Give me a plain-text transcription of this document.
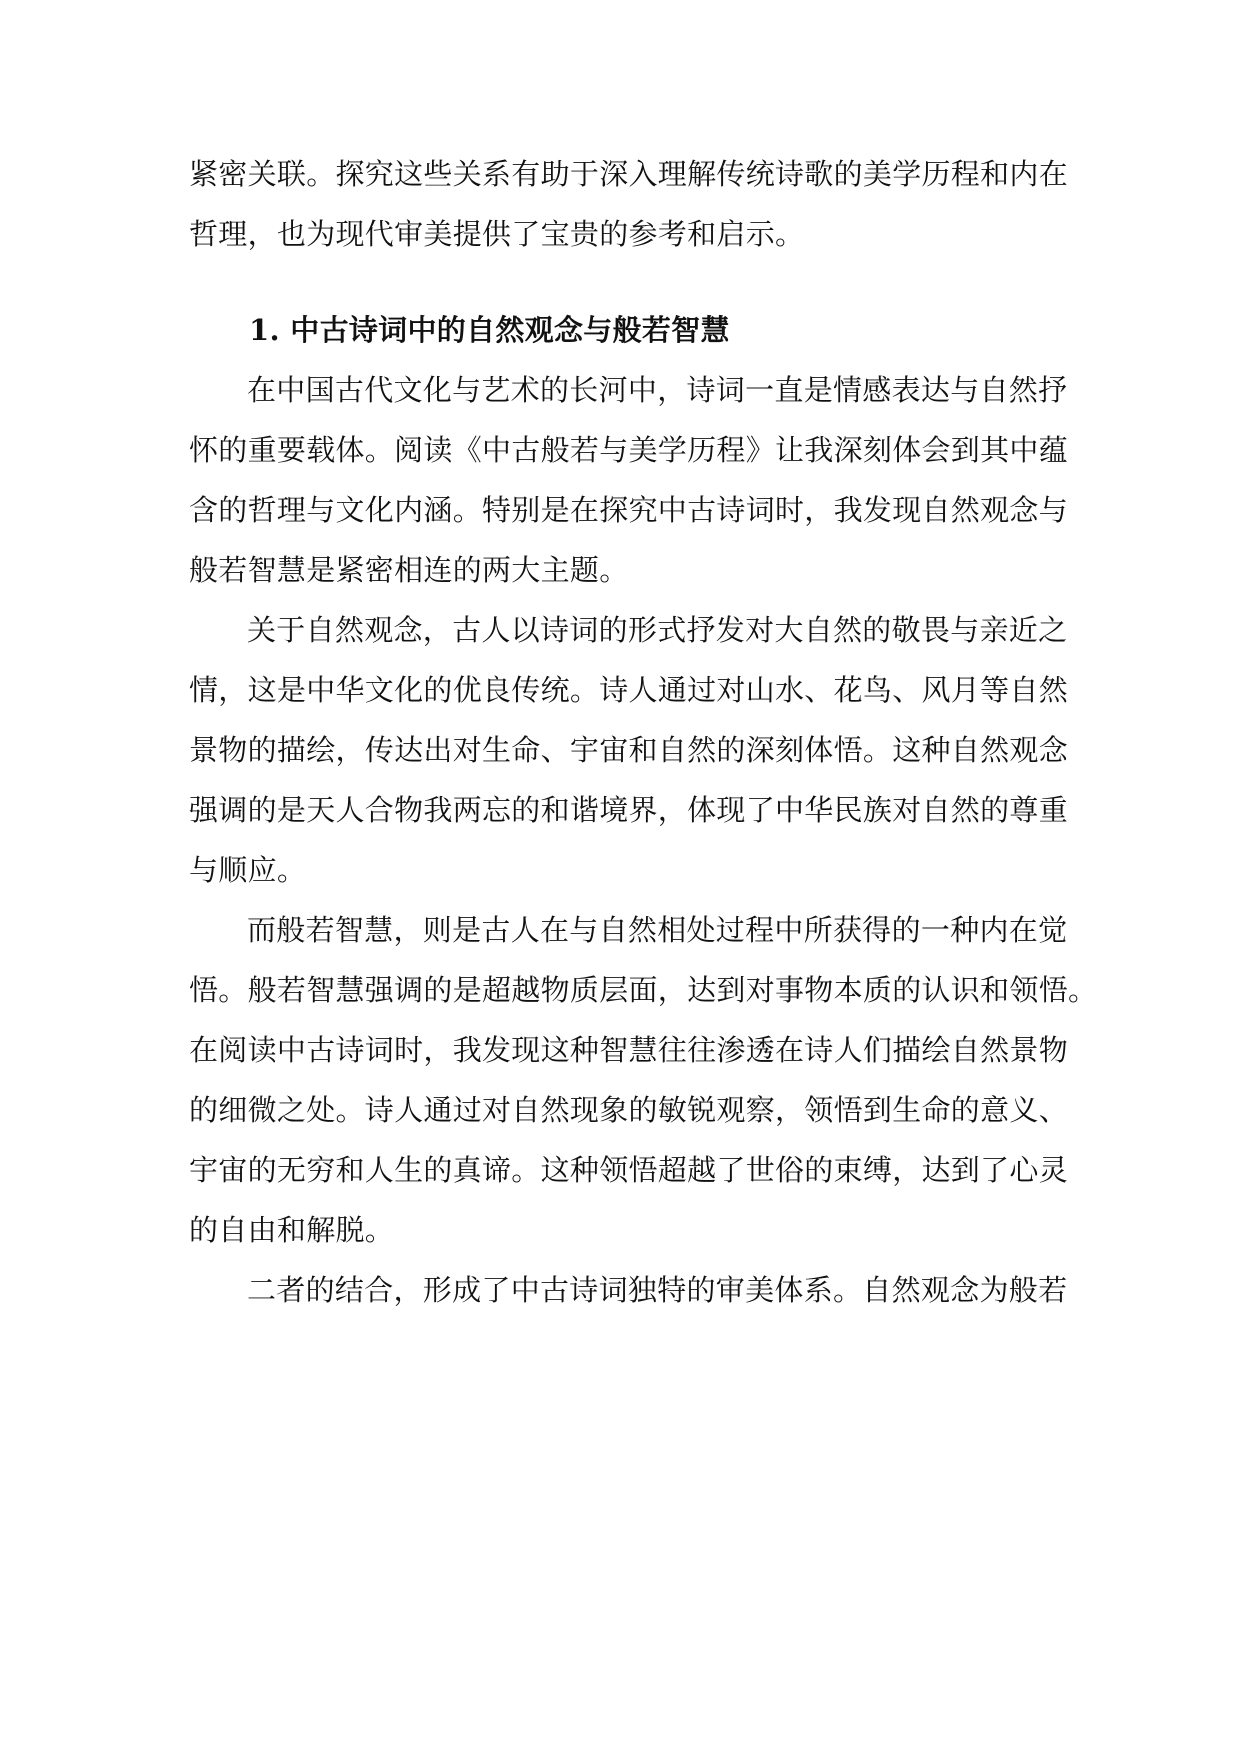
紧密关联。探究这些关系有助于深入理解传统诗歌的美学历程和内在
哲理，也为现代审美提供了宝贵的参考和启示。
1. 中古诗词中的自然观念与般若智慧
在中国古代文化与艺术的长河中，诗词一直是情感表达与自然抒
怀的重要载体。阅读《中古般若与美学历程》让我深刻体会到其中蕴
含的哲理与文化内涵。特别是在探究中古诗词时，我发现自然观念与
般若智慧是紧密相连的两大主题。
关于自然观念，古人以诗词的形式抒发对大自然的敬畏与亲近之
情，这是中华文化的优良传统。诗人通过对山水、花鸟、风月等自然
景物的描绘，传达出对生命、宇宙和自然的深刻体悟。这种自然观念
强调的是天人合物我两忘的和谐境界，体现了中华民族对自然的尊重
与顺应。
而般若智慧，则是古人在与自然相处过程中所获得的一种内在觉
悟。般若智慧强调的是超越物质层面，达到对事物本质的认识和领悟。
在阅读中古诗词时，我发现这种智慧往往渗透在诗人们描绘自然景物
的细微之处。诗人通过对自然现象的敏锐观察，领悟到生命的意义、
宇宙的无穷和人生的真谛。这种领悟超越了世俗的束缚，达到了心灵
的自由和解脱。
二者的结合，形成了中古诗词独特的审美体系。自然观念为般若
